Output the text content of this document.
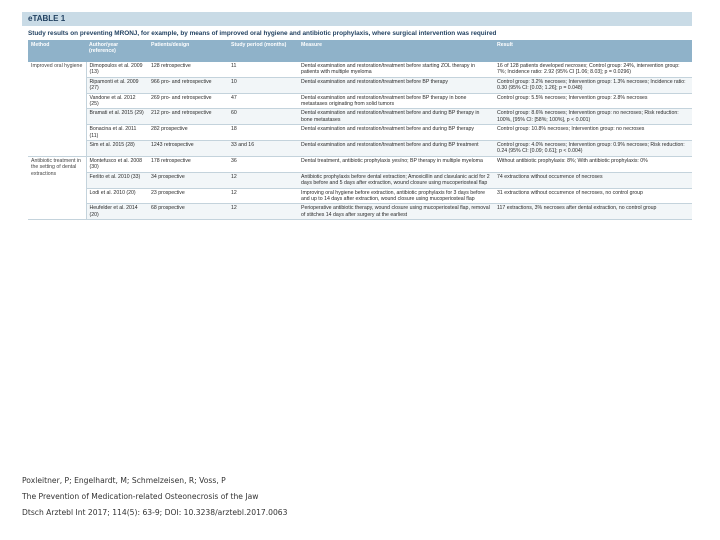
eTABLE 1
Study results on preventing MRONJ, for example, by means of improved oral hygiene and antibiotic prophylaxis, where surgical intervention was required
Method	Author/year (reference)	Patients/design	Study period (months)	Measure	Result
Improved oral hygiene	Dimopoulos et al. 2009 (13)	128 retrospective	11	Dental examination and restoration/treatment before starting ZOL therapy in patients with multiple myeloma	16 of 128 patients developed necroses; Control group: 24%, intervention group: 7%; Incidence ratio: 2.92 (95% CI [1.06; 8.03]; p = 0.0296)
	Ripamonti et al. 2009 (27)	966 pro- and retrospective	10	Dental examination and restoration/treatment before BP therapy	Control group: 3.2% necroses; Intervention group: 1.3% necroses; Incidence ratio: 0.30 (95% CI: [0.03; 1.26]; p = 0.048)
	Vandone et al. 2012 (25)	269 pro- and retrospective	47	Dental examination and restoration/treatment before BP therapy in bone metastases originating from solid tumors	Control group: 5.5% necroses; Intervention group: 2.8% necroses
	Bramati et al. 2015 (29)	212 pro- and retrospective	60	Dental examination and restoration/treatment before and during BP therapy in bone metastases	Control group: 8.6% necroses; Intervention group: no necroses; Risk reduction: 100%, [95% CI: [58%; 100%], p < 0.001)
	Bonacina et al. 2011 (11)	282 prospective	18	Dental examination and restoration/treatment before and during BP therapy	Control group: 10.8% necroses; Intervention group: no necroses
	Sim et al. 2015 (28)	1243 retrospective	33 and 16	Dental examination and restoration/treatment before and during BP treatment	Control group: 4.0% necroses; Intervention group: 0.9% necroses; Risk reduction: 0.24 (95% CI: [0.09; 0.61]; p < 0.004)
Antibiotic treatment in the setting of dental extractions	Montefusco et al. 2008 (30)	178 retrospective	36	Dental treatment, antibiotic prophylaxis yes/no; BP therapy in multiple myeloma	Without antibiotic prophylaxis: 8%; With antibiotic prophylaxis: 0%
	Ferlito et al. 2010 (33)	34 prospective	12	Antibiotic prophylaxis before dental extraction; Amoxicillin and clavulanic acid for 2 days before and 5 days after extraction, wound closure using mucoperiosteal flap	74 extractions without occurrence of necroses
	Lodi et al. 2010 (20)	23 prospective	12	Improving oral hygiene before extraction, antibiotic prophylaxis for 3 days before and up to 14 days after extraction, wound closure using mucoperiosteal flap	31 extractions without occurrence of necroses, no control group
	Heufelder et al. 2014 (20)	68 prospective	12	Perioperative antibiotic therapy, wound closure using mucoperiosteal flap, removal of stitches 14 days after surgery at the earliest	117 extractions, 3% necroses after dental extraction, no control group
Poxleitner, P; Engelhardt, M; Schmelzeisen, R; Voss, P
The Prevention of Medication-related Osteonecrosis of the Jaw
Dtsch Arztebl Int 2017; 114(5): 63-9; DOI: 10.3238/arztebl.2017.0063
